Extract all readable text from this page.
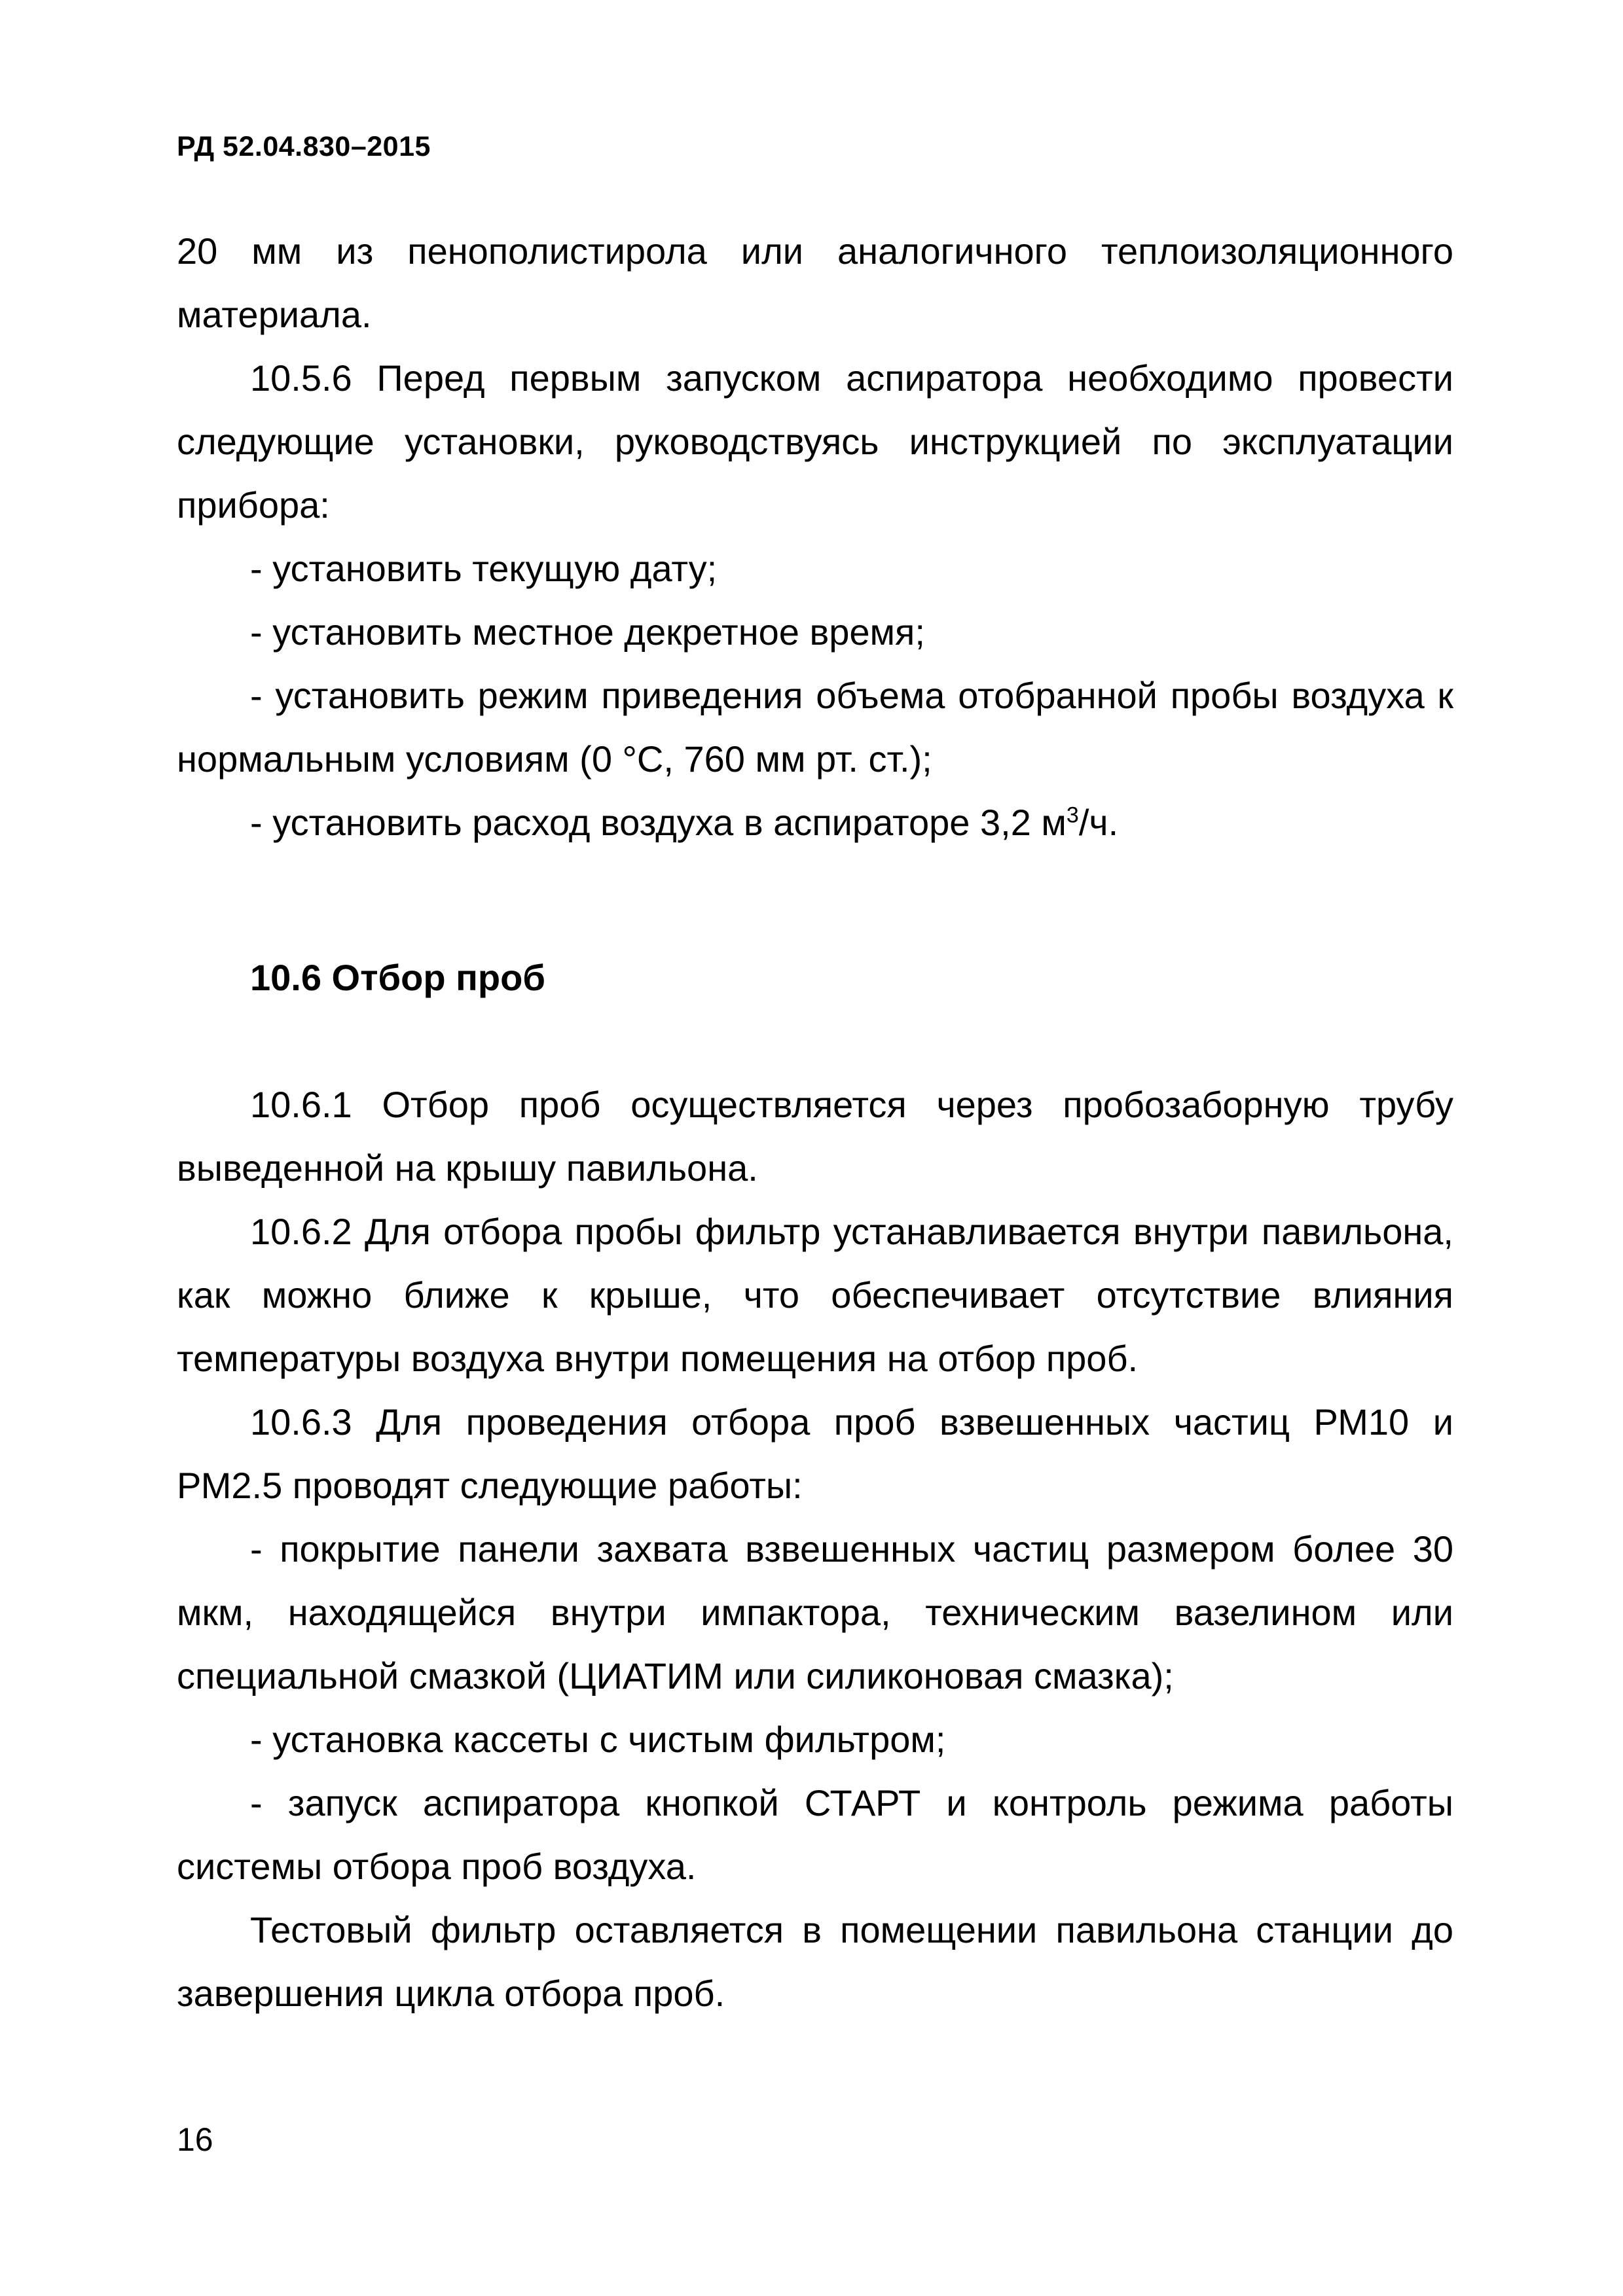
РД 52.04.830–2015

20 мм из пенополистирола или аналогичного теплоизоляционного материала.

10.5.6 Перед первым запуском аспиратора необходимо провести следующие установки, руководствуясь инструкцией по эксплуатации прибора:

- установить текущую дату;

- установить местное декретное время;

- установить режим приведения объема отобранной пробы воздуха к нормальным условиям (0 °С, 760 мм рт. ст.);

- установить расход воздуха в аспираторе 3,2 $м^3/ч$.

10.6 Отбор проб

10.6.1 Отбор проб осуществляется через пробозаборную трубу выведенной на крышу павильона.

10.6.2 Для отбора пробы фильтр устанавливается внутри павильона, как можно ближе к крыше, что обеспечивает отсутствие влияния температуры воздуха внутри помещения на отбор проб.

10.6.3 Для проведения отбора проб взвешенных частиц РМ10 и РМ2.5 проводят следующие работы:

- покрытие панели захвата взвешенных частиц размером более 30 мкм, находящейся внутри импактора, техническим вазелином или специальной смазкой (ЦИАТИМ или силиконовая смазка);

- установка кассеты с чистым фильтром;

- запуск аспиратора кнопкой СТАРТ и контроль режима работы системы отбора проб воздуха.

Тестовый фильтр оставляется в помещении павильона станции до завершения цикла отбора проб.

16
